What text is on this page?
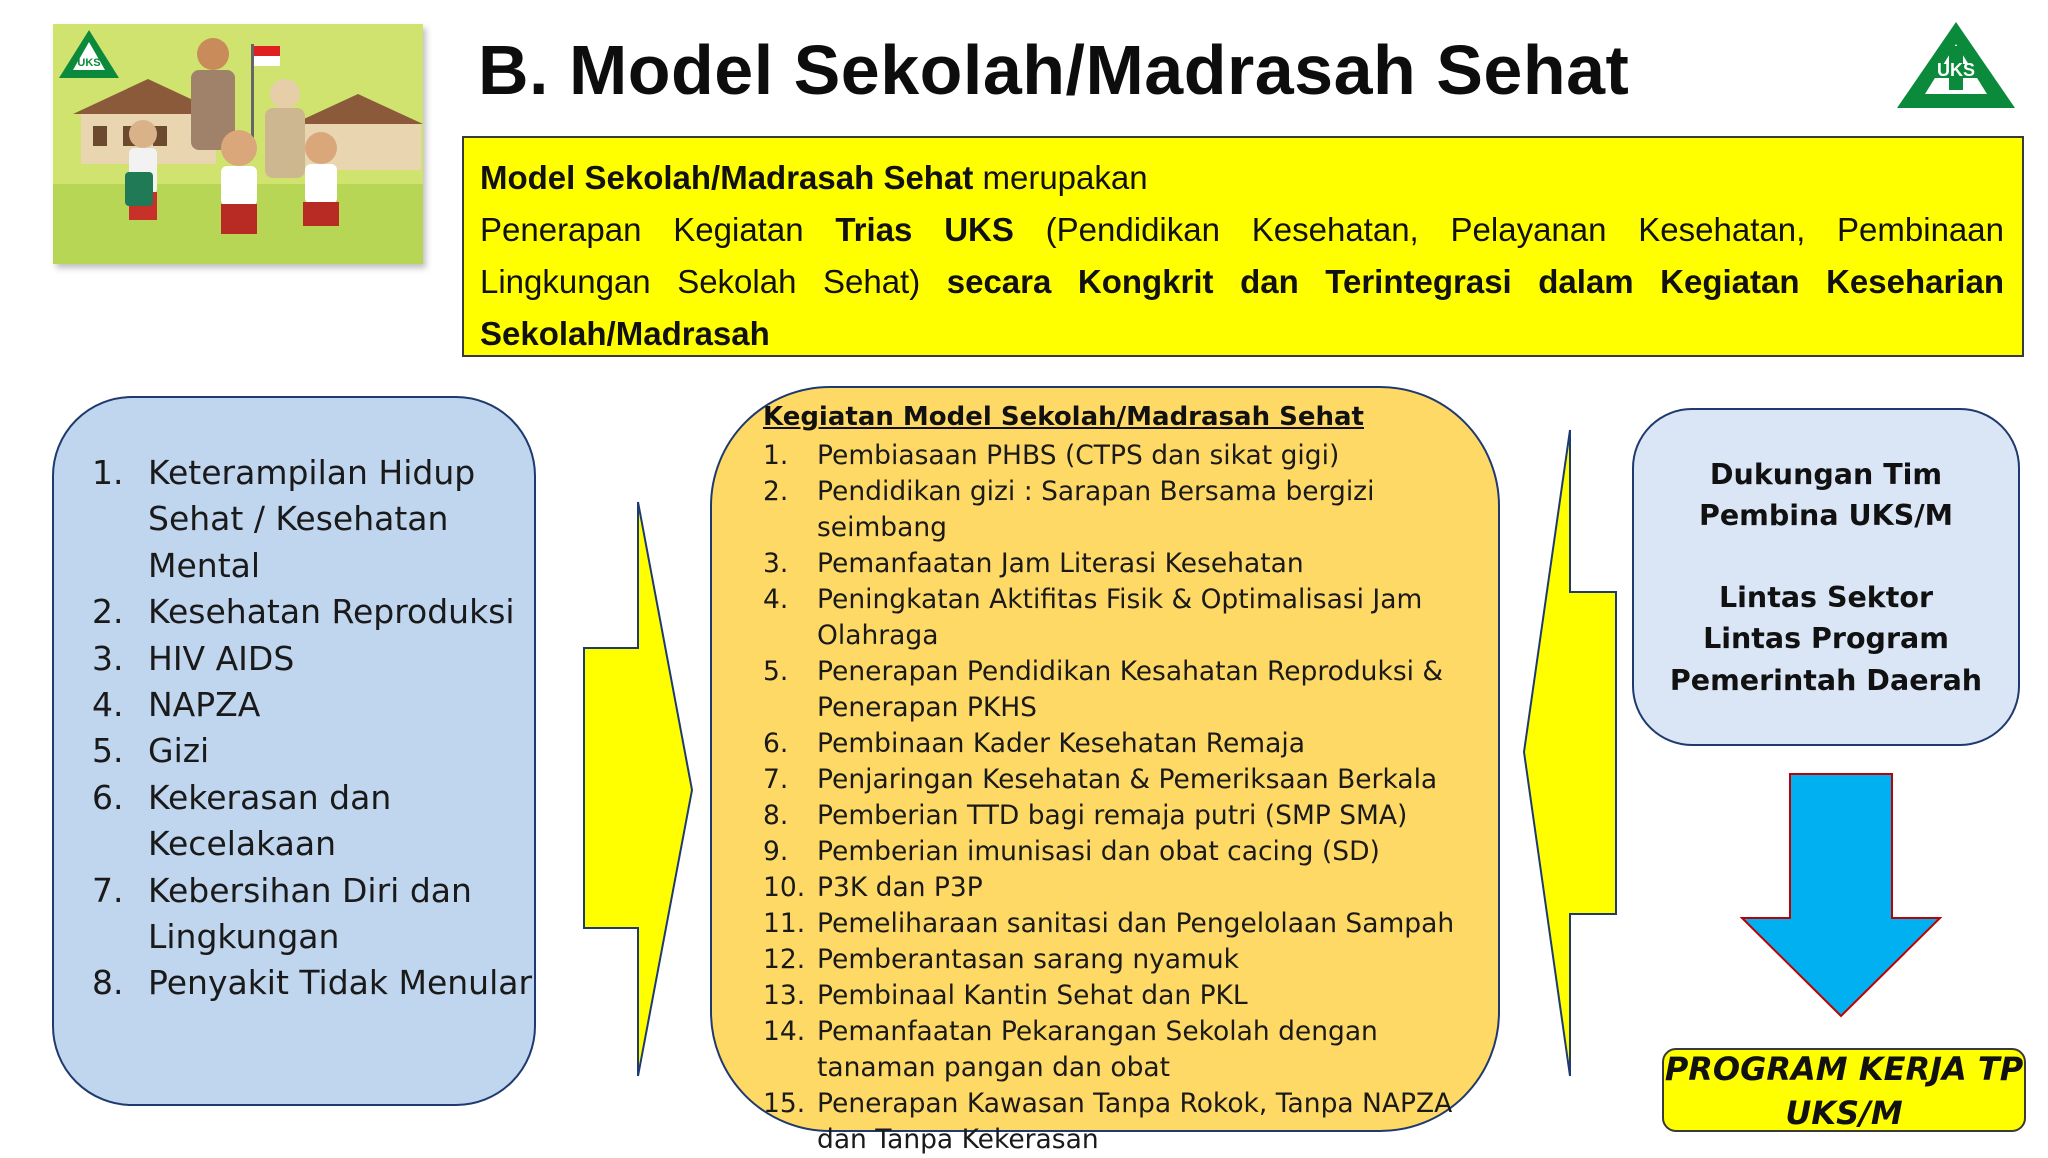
UKS	B. Model Sekolah/Madrasah Sehat	UKS
Model Sekolah/Madrasah Sehat merupakan
Penerapan Kegiatan Trias UKS (Pendidikan Kesehatan, Pelayanan Kesehatan, Pembinaan
Lingkungan Sekolah Sehat) secara Kongkrit dan Terintegrasi dalam Kegiatan Keseharian
Sekolah/Madrasah
1. Keterampilan Hidup Sehat / Kesehatan Mental
2. Kesehatan Reproduksi
3. HIV AIDS
4. NAPZA
5. Gizi
6. Kekerasan dan Kecelakaan
7. Kebersihan Diri dan Lingkungan
8. Penyakit Tidak Menular
Kegiatan Model Sekolah/Madrasah Sehat
1. Pembiasaan PHBS (CTPS dan sikat gigi)
2. Pendidikan gizi : Sarapan Bersama bergizi seimbang
3. Pemanfaatan Jam Literasi Kesehatan
4. Peningkatan Aktifitas Fisik & Optimalisasi Jam Olahraga
5. Penerapan Pendidikan Kesahatan Reproduksi & Penerapan PKHS
6. Pembinaan Kader Kesehatan Remaja
7. Penjaringan Kesehatan & Pemeriksaan Berkala
8. Pemberian TTD bagi remaja putri (SMP SMA)
9. Pemberian imunisasi dan obat cacing (SD)
10. P3K dan P3P
11. Pemeliharaan sanitasi dan Pengelolaan Sampah
12. Pemberantasan sarang nyamuk
13. Pembinaal Kantin Sehat dan PKL
14. Pemanfaatan Pekarangan Sekolah dengan tanaman pangan dan obat
15. Penerapan Kawasan Tanpa Rokok, Tanpa NAPZA dan Tanpa Kekerasan
Dukungan Tim
Pembina UKS/M
Lintas Sektor
Lintas Program
Pemerintah Daerah
PROGRAM KERJA TP
UKS/M
